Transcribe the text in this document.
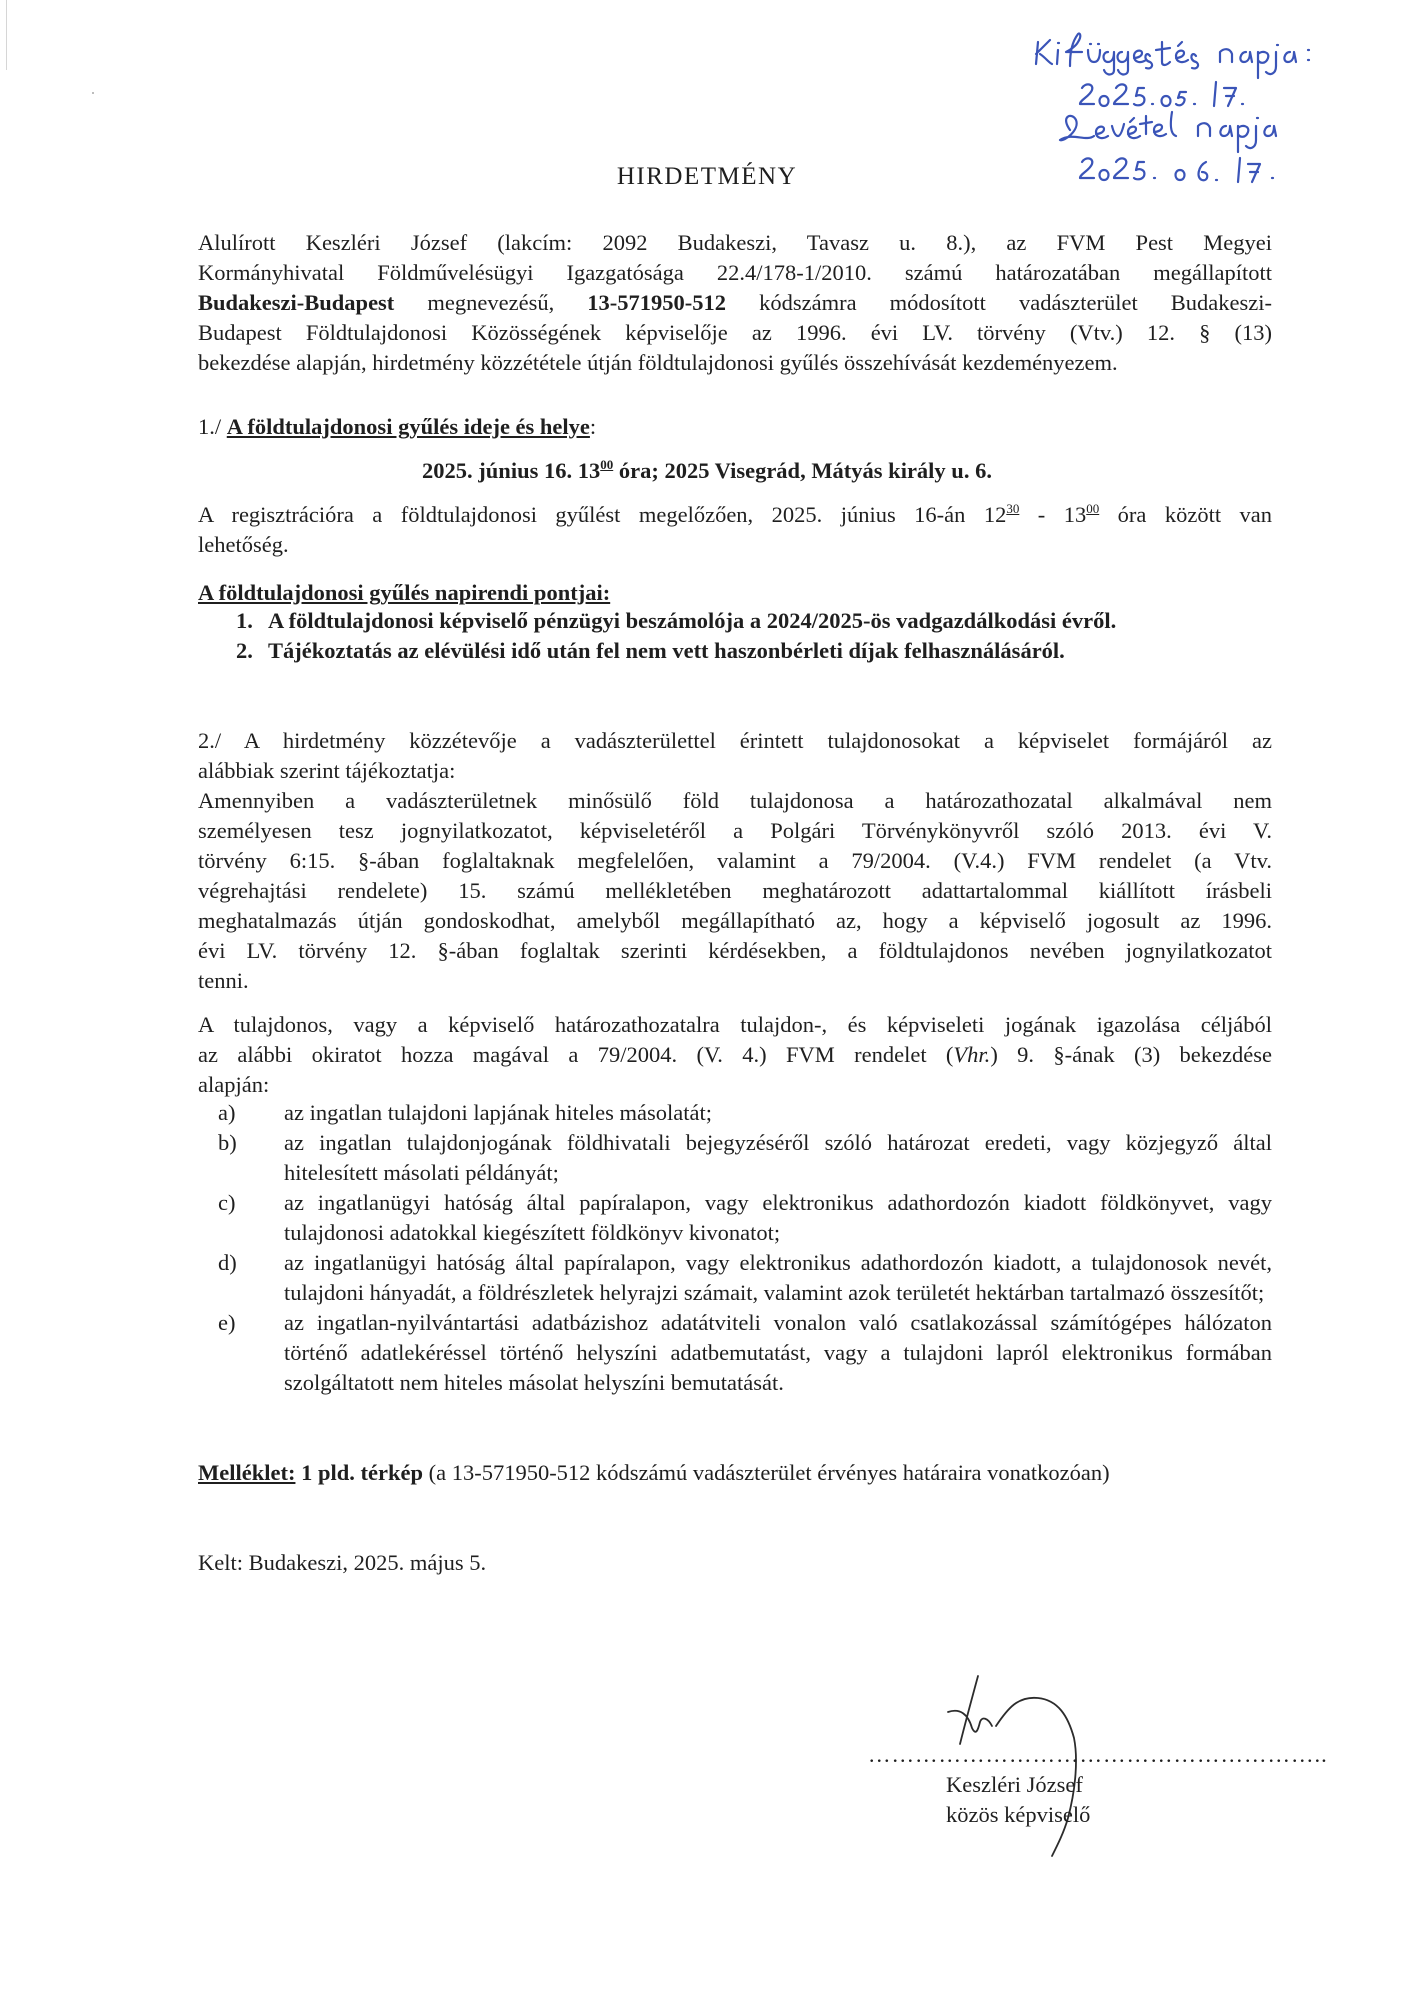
HIRDETMÉNY
Alulírott Keszléri József (lakcím: 2092 Budakeszi, Tavasz u. 8.), az FVM Pest Megyei
Kormányhivatal Földművelésügyi Igazgatósága 22.4/178-1/2010. számú határozatában megállapított
Budakeszi-Budapest megnevezésű, 13-571950-512 kódszámra módosított vadászterület Budakeszi-
Budapest Földtulajdonosi Közösségének képviselője az 1996. évi LV. törvény (Vtv.) 12. § (13)
bekezdése alapján, hirdetmény közzététele útján földtulajdonosi gyűlés összehívását kezdeményezem.
1./ A földtulajdonosi gyűlés ideje és helye:
2025. június 16. $13^{00}$ óra; 2025 Visegrád, Mátyás király u. 6.
A regisztrációra a földtulajdonosi gyűlést megelőzően, 2025. június 16-án $12^{30} - 13^{00}$ óra között van
lehetőség.
A földtulajdonosi gyűlés napirendi pontjai:
1. A földtulajdonosi képviselő pénzügyi beszámolója a 2024/2025-ös vadgazdálkodási évről.
2. Tájékoztatás az elévülési idő után fel nem vett haszonbérleti díjak felhasználásáról.
2./ A hirdetmény közzétevője a vadászterülettel érintett tulajdonosokat a képviselet formájáról az
alábbiak szerint tájékoztatja:
Amennyiben a vadászterületnek minősülő föld tulajdonosa a határozathozatal alkalmával nem
személyesen tesz jognyilatkozatot, képviseletéről a Polgári Törvénykönyvről szóló 2013. évi V.
törvény 6:15. §-ában foglaltaknak megfelelően, valamint a 79/2004. (V.4.) FVM rendelet (a Vtv.
végrehajtási rendelete) 15. számú mellékletében meghatározott adattartalommal kiállított írásbeli
meghatalmazás útján gondoskodhat, amelyből megállapítható az, hogy a képviselő jogosult az 1996.
évi LV. törvény 12. §-ában foglaltak szerinti kérdésekben, a földtulajdonos nevében jognyilatkozatot
tenni.
A tulajdonos, vagy a képviselő határozathozatalra tulajdon-, és képviseleti jogának igazolása céljából
az alábbi okiratot hozza magával a 79/2004. (V. 4.) FVM rendelet (Vhr.) 9. §-ának (3) bekezdése
alapján:
a)	az ingatlan tulajdoni lapjának hiteles másolatát;
b)	az ingatlan tulajdonjogának földhivatali bejegyzéséről szóló határozat eredeti, vagy közjegyző által hitelesített másolati példányát;
c)	az ingatlanügyi hatóság által papíralapon, vagy elektronikus adathordozón kiadott földkönyvet, vagy tulajdonosi adatokkal kiegészített földkönyv kivonatot;
d)	az ingatlanügyi hatóság által papíralapon, vagy elektronikus adathordozón kiadott, a tulajdonosok nevét, tulajdoni hányadát, a földrészletek helyrajzi számait, valamint azok területét hektárban tartalmazó összesítőt;
e)	az ingatlan-nyilvántartási adatbázishoz adatátviteli vonalon való csatlakozással számítógépes hálózaton történő adatlekéréssel történő helyszíni adatbemutatást, vagy a tulajdoni lapról elektronikus formában szolgáltatott nem hiteles másolat helyszíni bemutatását.
Melléklet: 1 pld. térkép (a 13-571950-512 kódszámú vadászterület érvényes határaira vonatkozóan)
Kelt: Budakeszi, 2025. május 5.
…………………………………………………..
Keszléri József
közös képviselő
